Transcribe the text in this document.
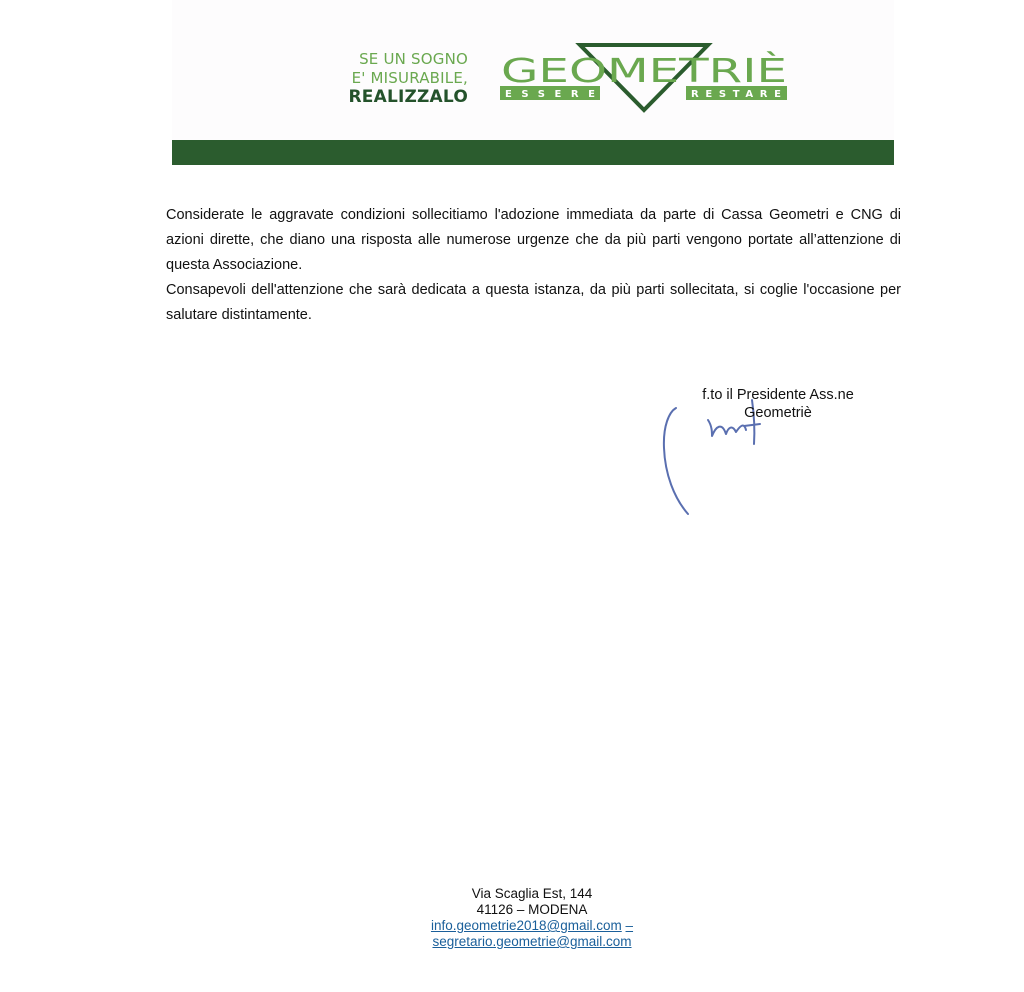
SE UN SOGNO
E' MISURABILE,
REALIZZALO
GEOMETRIÈ
ESSERE	RESTARE

Considerate le aggravate condizioni sollecitiamo l'adozione immediata da parte di Cassa Geometri e CNG di azioni dirette, che diano una risposta alle numerose urgenze che da più parti vengono portate all’attenzione di questa Associazione.

Consapevoli dell'attenzione che sarà dedicata a questa istanza, da più parti sollecitata, si coglie l'occasione per salutare distintamente.

f.to il Presidente Ass.ne
Geometriè
Via Scaglia Est, 144
41126 – MODENA
info.geometrie2018@gmail.com –
segretario.geometrie@gmail.com
